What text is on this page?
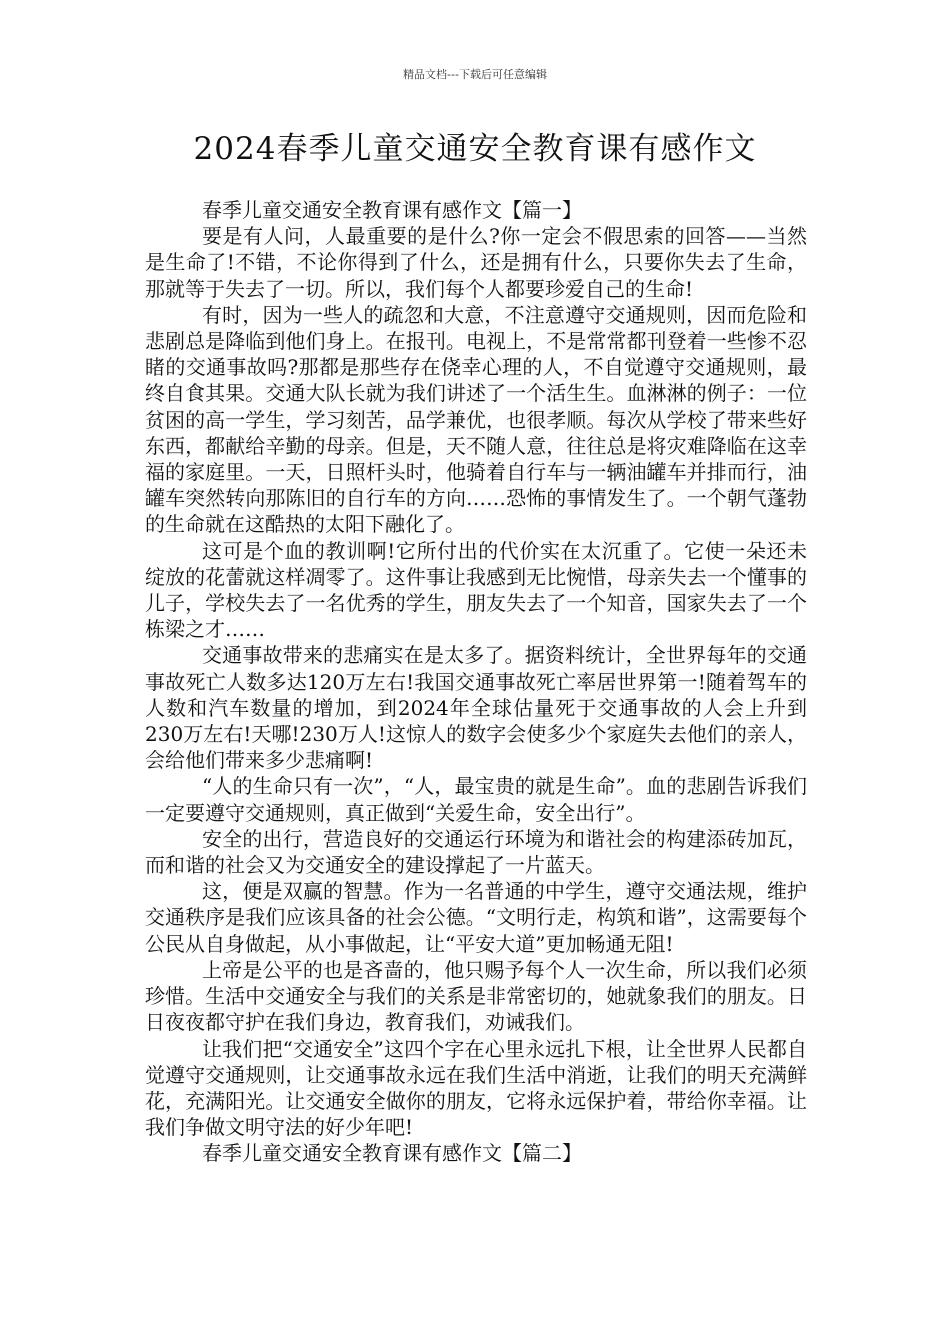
精品文档---下载后可任意编辑
2024春季儿童交通安全教育课有感作文

春季儿童交通安全教育课有感作文【篇一】

要是有人问，人最重要的是什么?你一定会不假思索的回答——当然是生命了!不错，不论你得到了什么，还是拥有什么，只要你失去了生命，那就等于失去了一切。所以，我们每个人都要珍爱自己的生命!

有时，因为一些人的疏忽和大意，不注意遵守交通规则，因而危险和悲剧总是降临到他们身上。在报刊。电视上，不是常常都刊登着一些惨不忍睹的交通事故吗?那都是那些存在侥幸心理的人，不自觉遵守交通规则，最终自食其果。交通大队长就为我们讲述了一个活生生。血淋淋的例子：一位贫困的高一学生，学习刻苦，品学兼优，也很孝顺。每次从学校了带来些好东西，都献给辛勤的母亲。但是，天不随人意，往往总是将灾难降临在这幸福的家庭里。一天，日照杆头时，他骑着自行车与一辆油罐车并排而行，油罐车突然转向那陈旧的自行车的方向……恐怖的事情发生了。一个朝气蓬勃的生命就在这酷热的太阳下融化了。

这可是个血的教训啊!它所付出的代价实在太沉重了。它使一朵还未绽放的花蕾就这样凋零了。这件事让我感到无比惋惜，母亲失去一个懂事的儿子，学校失去了一名优秀的学生，朋友失去了一个知音，国家失去了一个栋梁之才……

交通事故带来的悲痛实在是太多了。据资料统计，全世界每年的交通事故死亡人数多达120万左右!我国交通事故死亡率居世界第一!随着驾车的人数和汽车数量的增加，到2024年全球估量死于交通事故的人会上升到230万左右!天哪!230万人!这惊人的数字会使多少个家庭失去他们的亲人，会给他们带来多少悲痛啊!

“人的生命只有一次”，“人，最宝贵的就是生命”。血的悲剧告诉我们一定要遵守交通规则，真正做到“关爱生命，安全出行”。

安全的出行，营造良好的交通运行环境为和谐社会的构建添砖加瓦，而和谐的社会又为交通安全的建设撑起了一片蓝天。

这，便是双赢的智慧。作为一名普通的中学生，遵守交通法规，维护交通秩序是我们应该具备的社会公德。“文明行走，构筑和谐”，这需要每个公民从自身做起，从小事做起，让“平安大道”更加畅通无阻!

上帝是公平的也是吝啬的，他只赐予每个人一次生命，所以我们必须珍惜。生活中交通安全与我们的关系是非常密切的，她就象我们的朋友。日日夜夜都守护在我们身边，教育我们，劝诫我们。

让我们把“交通安全”这四个字在心里永远扎下根，让全世界人民都自觉遵守交通规则，让交通事故永远在我们生活中消逝，让我们的明天充满鲜花，充满阳光。让交通安全做你的朋友，它将永远保护着，带给你幸福。让我们争做文明守法的好少年吧!

春季儿童交通安全教育课有感作文【篇二】
